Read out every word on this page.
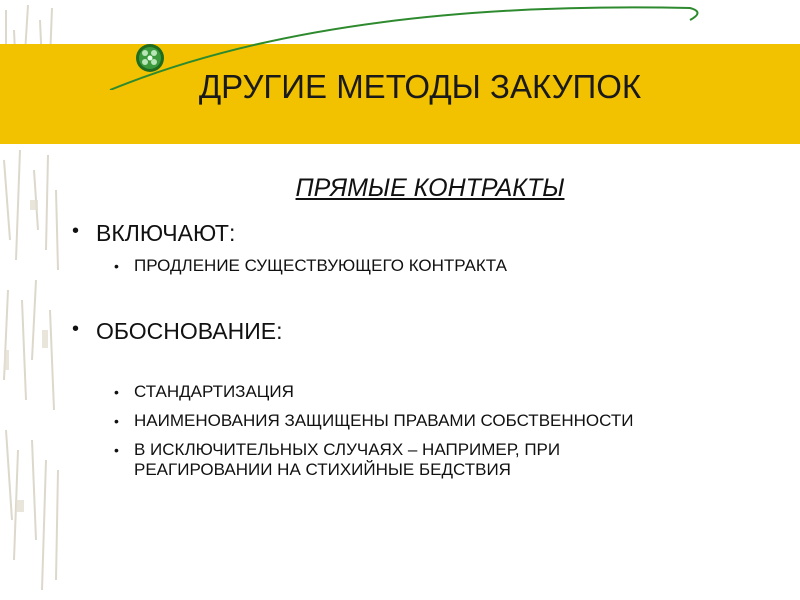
ДРУГИЕ МЕТОДЫ ЗАКУПОК
ПРЯМЫЕ КОНТРАКТЫ
• ВКЛЮЧАЮТ:
• ПРОДЛЕНИЕ СУЩЕСТВУЮЩЕГО КОНТРАКТА
• ОБОСНОВАНИЕ:
• СТАНДАРТИЗАЦИЯ
• НАИМЕНОВАНИЯ ЗАЩИЩЕНЫ ПРАВАМИ СОБСТВЕННОСТИ
• В ИСКЛЮЧИТЕЛЬНЫХ СЛУЧАЯХ – НАПРИМЕР, ПРИ РЕАГИРОВАНИИ НА СТИХИЙНЫЕ БЕДСТВИЯ
